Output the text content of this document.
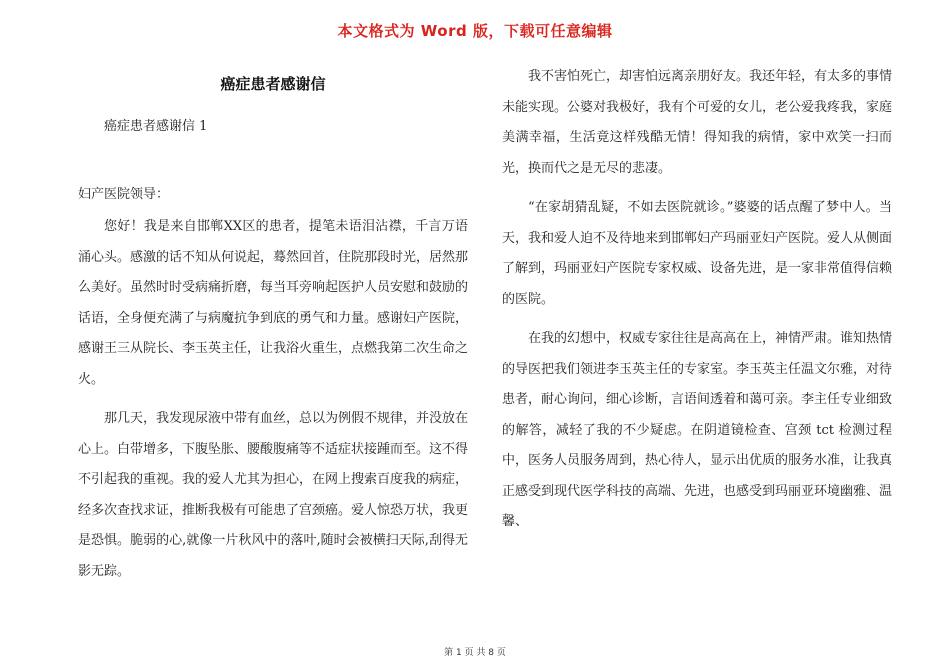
本文格式为 Word 版，下载可任意编辑
癌症患者感谢信
癌症患者感谢信 1
妇产医院领导：

您好！我是来自邯郸XX区的患者，提笔未语泪沾襟，千言万语涌心头。感激的话不知从何说起，蓦然回首，住院那段时光，居然那么美好。虽然时时受病痛折磨，每当耳旁响起医护人员安慰和鼓励的话语，全身便充满了与病魔抗争到底的勇气和力量。感谢妇产医院，感谢王三从院长、李玉英主任，让我浴火重生，点燃我第二次生命之火。

那几天，我发现尿液中带有血丝，总以为例假不规律，并没放在心上。白带增多，下腹坠胀、腰酸腹痛等不适症状接踵而至。这不得不引起我的重视。我的爱人尤其为担心，在网上搜索百度我的病症，经多次查找求证，推断我极有可能患了宫颈癌。爱人惊恐万状，我更是恐惧。脆弱的心,就像一片秋风中的落叶,随时会被横扫天际,刮得无影无踪。

我不害怕死亡，却害怕远离亲朋好友。我还年轻，有太多的事情未能实现。公婆对我极好，我有个可爱的女儿，老公爱我疼我，家庭美满幸福，生活竟这样残酷无情！得知我的病情，家中欢笑一扫而光，换而代之是无尽的悲凄。

“在家胡猜乱疑，不如去医院就诊。”婆婆的话点醒了梦中人。当天，我和爱人迫不及待地来到邯郸妇产玛丽亚妇产医院。爱人从侧面了解到，玛丽亚妇产医院专家权威、设备先进，是一家非常值得信赖的医院。

在我的幻想中，权威专家往往是高高在上，神情严肃。谁知热情的导医把我们领进李玉英主任的专家室。李玉英主任温文尔雅，对待患者，耐心询问，细心诊断，言语间透着和蔼可亲。李主任专业细致的解答，减轻了我的不少疑虑。在阴道镜检查、宫颈 tct 检测过程中，医务人员服务周到，热心待人，显示出优质的服务水准，让我真正感受到现代医学科技的高端、先进，也感受到玛丽亚环境幽雅、温馨、

第 1 页 共 8 页
